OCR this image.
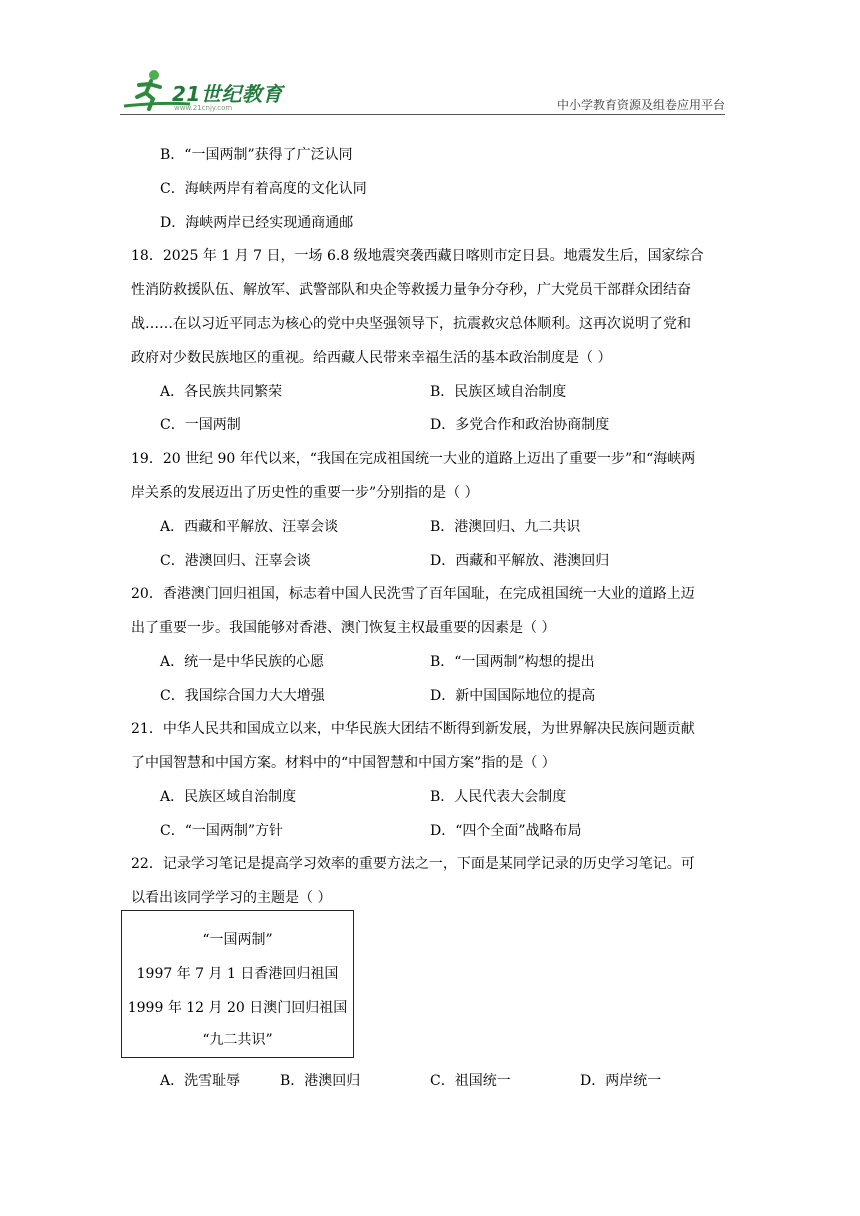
21世纪教育
www.21cnjy.com	中小学教育资源及组卷应用平台
B．“一国两制”获得了广泛认同
C．海峡两岸有着高度的文化认同
D．海峡两岸已经实现通商通邮
18．2025 年 1 月 7 日，一场 6.8 级地震突袭西藏日喀则市定日县。地震发生后，国家综合
性消防救援队伍、解放军、武警部队和央企等救援力量争分夺秒，广大党员干部群众团结奋
战……在以习近平同志为核心的党中央坚强领导下，抗震救灾总体顺利。这再次说明了党和
政府对少数民族地区的重视。给西藏人民带来幸福生活的基本政治制度是（ ）
A．各民族共同繁荣	B．民族区域自治制度
C．一国两制	D．多党合作和政治协商制度
19．20 世纪 90 年代以来，“我国在完成祖国统一大业的道路上迈出了重要一步”和“海峡两
岸关系的发展迈出了历史性的重要一步”分别指的是（ ）
A．西藏和平解放、汪辜会谈	B．港澳回归、九二共识
C．港澳回归、汪辜会谈	D．西藏和平解放、港澳回归
20．香港澳门回归祖国，标志着中国人民洗雪了百年国耻，在完成祖国统一大业的道路上迈
出了重要一步。我国能够对香港、澳门恢复主权最重要的因素是（ ）
A．统一是中华民族的心愿	B．“一国两制”构想的提出
C．我国综合国力大大增强	D．新中国国际地位的提高
21．中华人民共和国成立以来，中华民族大团结不断得到新发展，为世界解决民族问题贡献
了中国智慧和中国方案。材料中的“中国智慧和中国方案”指的是（ ）
A．民族区域自治制度	B．人民代表大会制度
C．“一国两制”方针	D．“四个全面”战略布局
22．记录学习笔记是提高学习效率的重要方法之一，下面是某同学记录的历史学习笔记。可
以看出该同学学习的主题是（ ）
“一国两制”
1997 年 7 月 1 日香港回归祖国
1999 年 12 月 20 日澳门回归祖国
“九二共识”
A．洗雪耻辱	B．港澳回归	C．祖国统一	D．两岸统一
